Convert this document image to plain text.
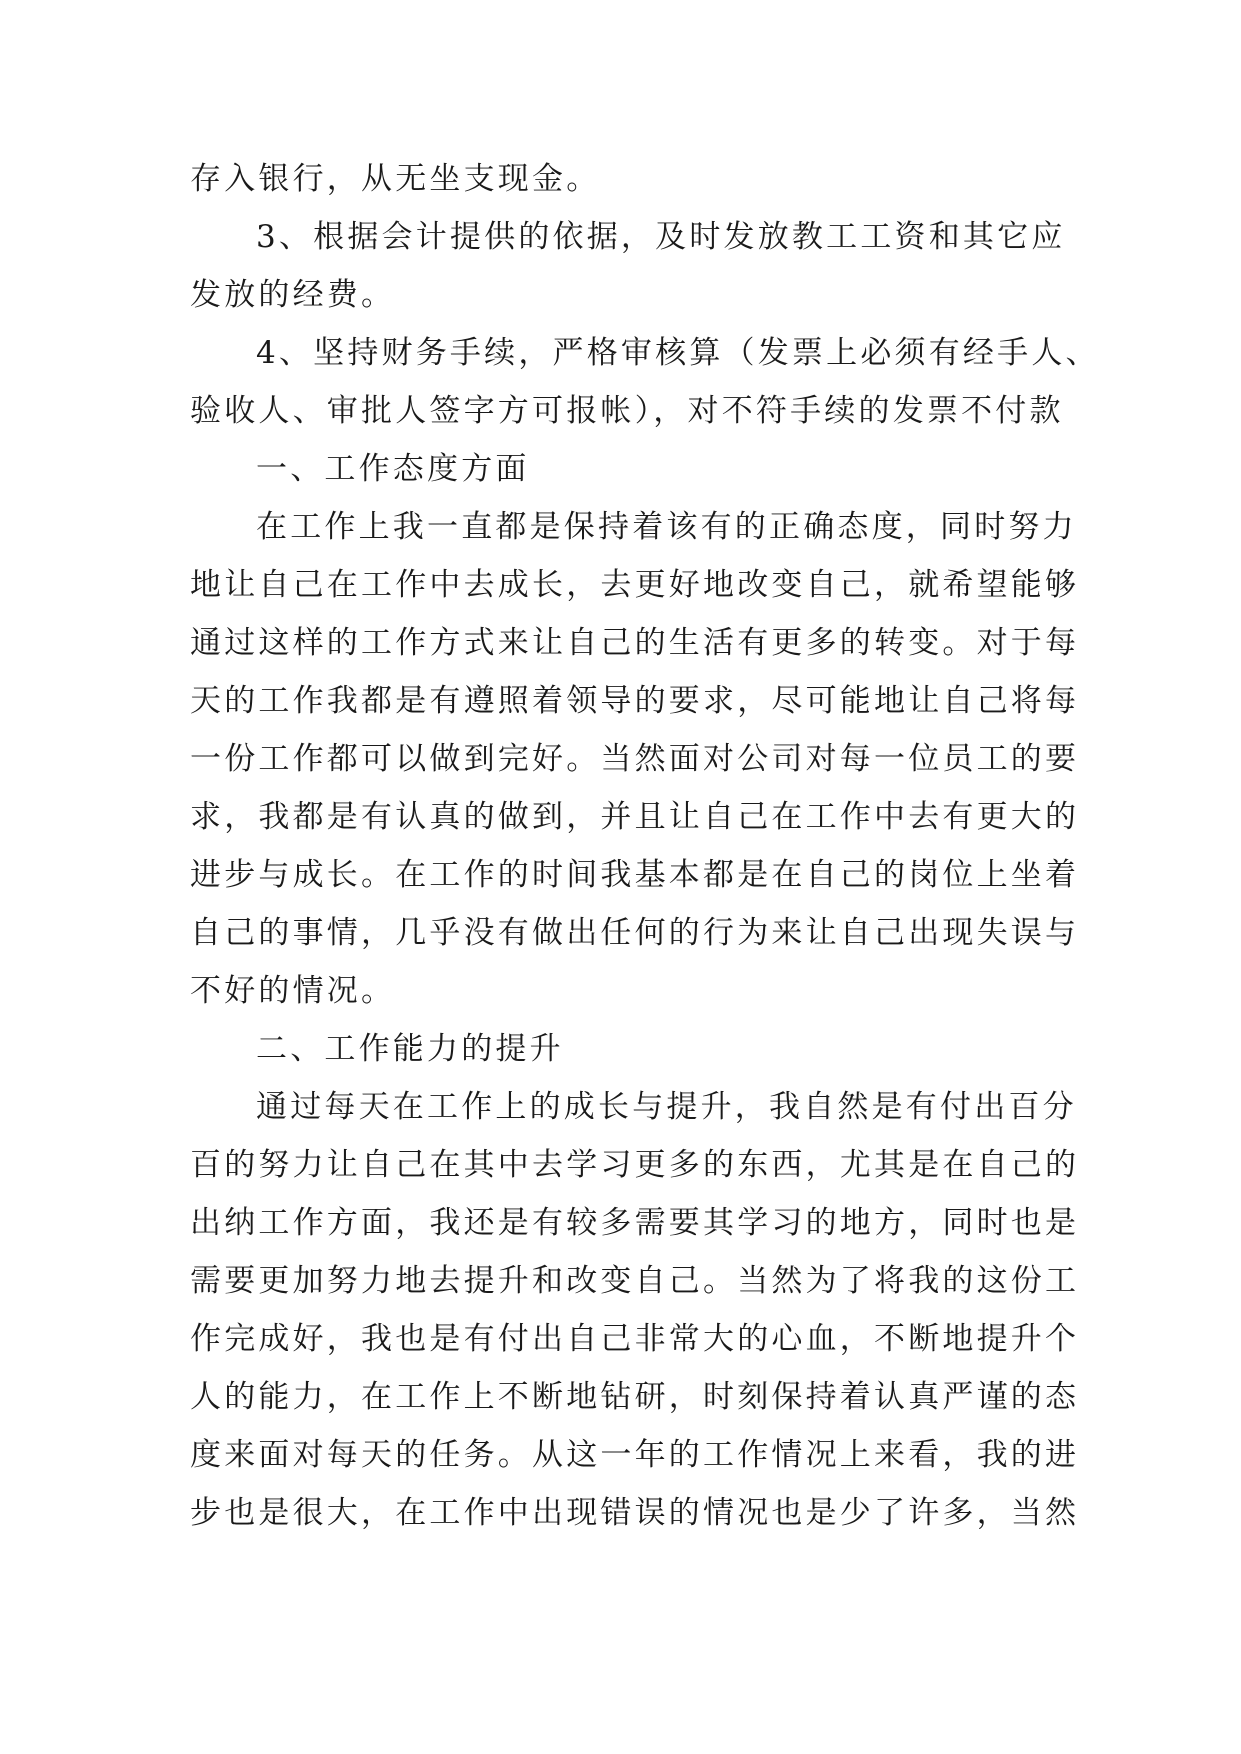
存入银行，从无坐支现金。
3、根据会计提供的依据，及时发放教工工资和其它应
发放的经费。
4、坚持财务手续，严格审核算（发票上必须有经手人、
验收人、审批人签字方可报帐），对不符手续的发票不付款
一、工作态度方面
在工作上我一直都是保持着该有的正确态度，同时努力
地让自己在工作中去成长，去更好地改变自己，就希望能够
通过这样的工作方式来让自己的生活有更多的转变。对于每
天的工作我都是有遵照着领导的要求，尽可能地让自己将每
一份工作都可以做到完好。当然面对公司对每一位员工的要
求，我都是有认真的做到，并且让自己在工作中去有更大的
进步与成长。在工作的时间我基本都是在自己的岗位上坐着
自己的事情，几乎没有做出任何的行为来让自己出现失误与
不好的情况。
二、工作能力的提升
通过每天在工作上的成长与提升，我自然是有付出百分
百的努力让自己在其中去学习更多的东西，尤其是在自己的
出纳工作方面，我还是有较多需要其学习的地方，同时也是
需要更加努力地去提升和改变自己。当然为了将我的这份工
作完成好，我也是有付出自己非常大的心血，不断地提升个
人的能力，在工作上不断地钻研，时刻保持着认真严谨的态
度来面对每天的任务。从这一年的工作情况上来看，我的进
步也是很大，在工作中出现错误的情况也是少了许多，当然
